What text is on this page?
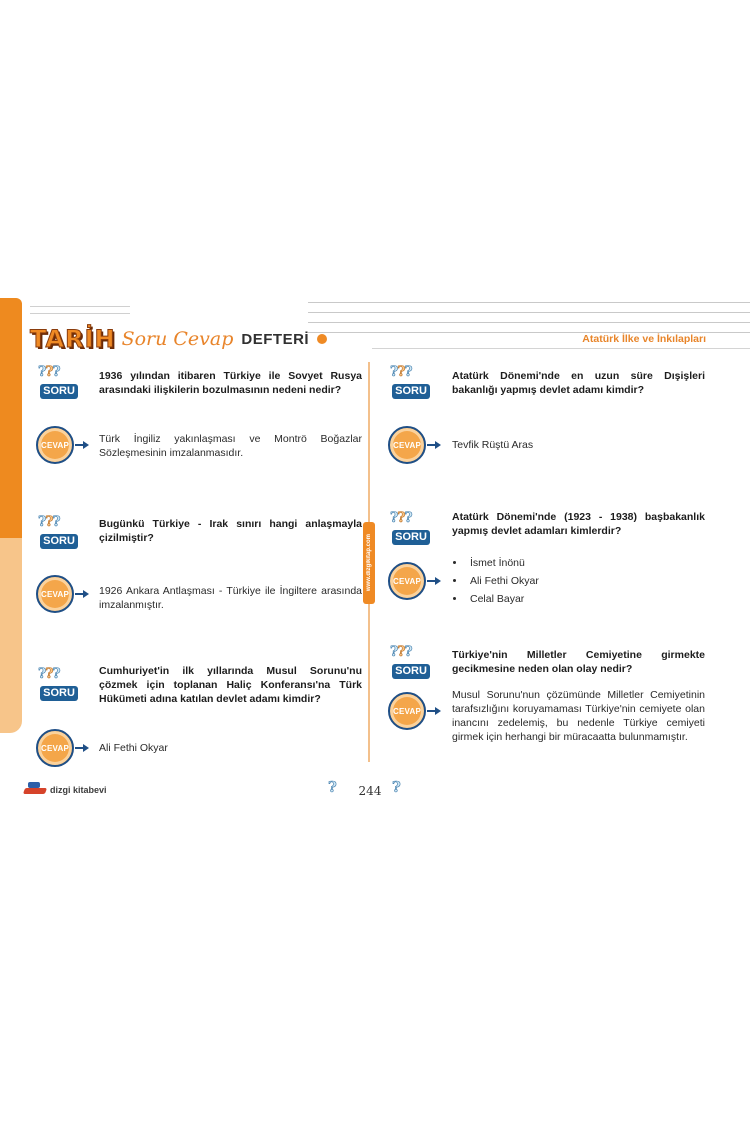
TARİH Soru Cevap DEFTERİ	Atatürk İlke ve İnkılapları
www.dizgikitap.com
???
SORU
1936 yılından itibaren Türkiye ile Sovyet Rusya arasındaki ilişkilerin bozulmasının nedeni nedir?
CEVAP	Türk İngiliz yakınlaşması ve Montrö Boğazlar Sözleşmesinin imzalanmasıdır.
???
SORU
Bugünkü Türkiye - Irak sınırı hangi anlaşmayla çizilmiştir?
CEVAP	1926 Ankara Antlaşması - Türkiye ile İngiltere arasında imzalanmıştır.
???
SORU
Cumhuriyet'in ilk yıllarında Musul Sorunu'nu çözmek için toplanan Haliç Konferansı'na Türk Hükümeti adına katılan devlet adamı kimdir?
CEVAP	Ali Fethi Okyar
???
SORU
Atatürk Dönemi'nde en uzun süre Dışişleri bakanlığı yapmış devlet adamı kimdir?
CEVAP	Tevfik Rüştü Aras
???
SORU
Atatürk Dönemi'nde (1923 - 1938) başbakanlık yapmış devlet adamları kimlerdir?
CEVAP
• İsmet İnönü
• Ali Fethi Okyar
• Celal Bayar
???
SORU
Türkiye'nin Milletler Cemiyetine girmekte gecikmesine neden olan olay nedir?
CEVAP
Musul Sorunu'nun çözümünde Milletler Cemiyetinin tarafsızlığını koruyamaması Türkiye'nin cemiyete olan inancını zedelemiş, bu nedenle Türkiye cemiyeti girmek için herhangi bir müracaatta bulunmamıştır.
dizgi kitabevi	?	244 ?
